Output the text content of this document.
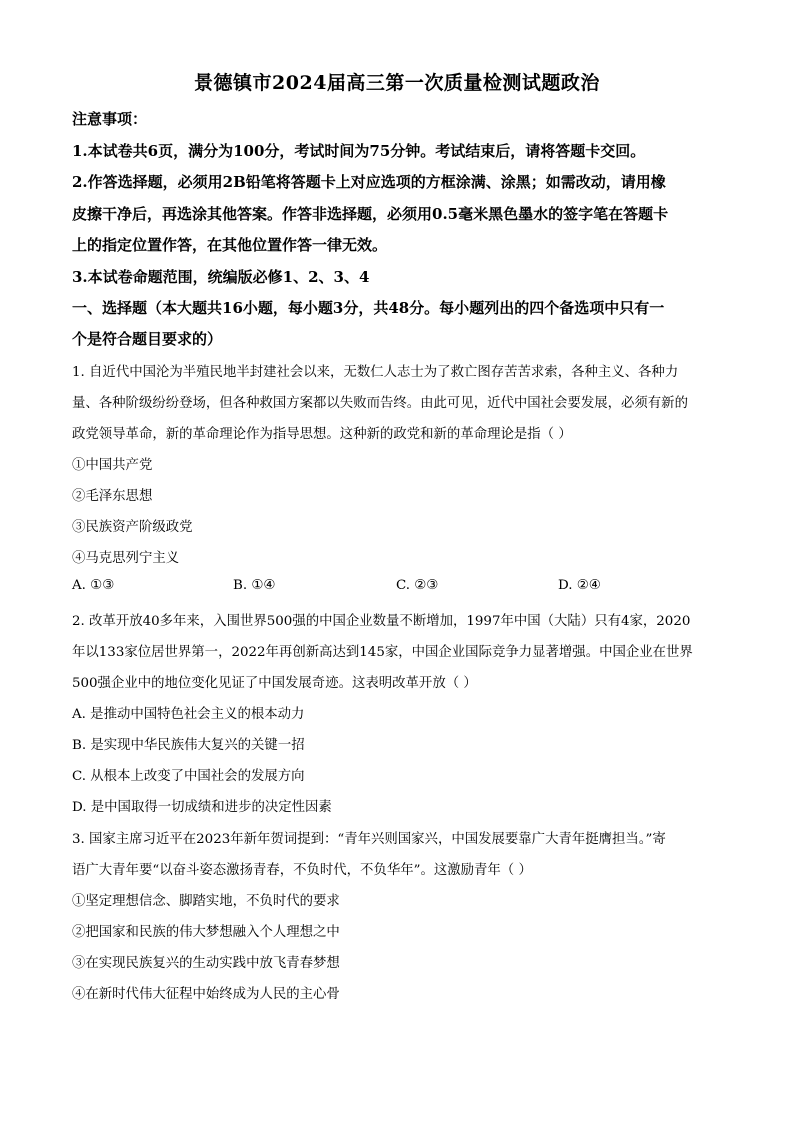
景德镇市2024届高三第一次质量检测试题政治
注意事项：
1.本试卷共6页，满分为100分，考试时间为75分钟。考试结束后，请将答题卡交回。
2.作答选择题，必须用2B铅笔将答题卡上对应选项的方框涂满、涂黑；如需改动，请用橡
皮擦干净后，再选涂其他答案。作答非选择题，必须用0.5毫米黑色墨水的签字笔在答题卡
上的指定位置作答，在其他位置作答一律无效。
3.本试卷命题范围，统编版必修1、2、3、4
一、选择题（本大题共16小题，每小题3分，共48分。每小题列出的四个备选项中只有一
个是符合题目要求的）
1. 自近代中国沦为半殖民地半封建社会以来，无数仁人志士为了救亡图存苦苦求索，各种主义、各种力
量、各种阶级纷纷登场，但各种救国方案都以失败而告终。由此可见，近代中国社会要发展，必须有新的
政党领导革命，新的革命理论作为指导思想。这种新的政党和新的革命理论是指（ ）
①中国共产党
②毛泽东思想
③民族资产阶级政党
④马克思列宁主义
A. ①③	B. ①④	C. ②③	D. ②④
2. 改革开放40多年来，入围世界500强的中国企业数量不断增加，1997年中国（大陆）只有4家，2020
年以133家位居世界第一，2022年再创新高达到145家，中国企业国际竞争力显著增强。中国企业在世界
500强企业中的地位变化见证了中国发展奇迹。这表明改革开放（ ）
A. 是推动中国特色社会主义的根本动力
B. 是实现中华民族伟大复兴的关键一招
C. 从根本上改变了中国社会的发展方向
D. 是中国取得一切成绩和进步的决定性因素
3. 国家主席习近平在2023年新年贺词提到：“青年兴则国家兴，中国发展要靠广大青年挺膺担当。”寄
语广大青年要“以奋斗姿态激扬青春，不负时代，不负华年”。这激励青年（ ）
①坚定理想信念、脚踏实地，不负时代的要求
②把国家和民族的伟大梦想融入个人理想之中
③在实现民族复兴的生动实践中放飞青春梦想
④在新时代伟大征程中始终成为人民的主心骨
